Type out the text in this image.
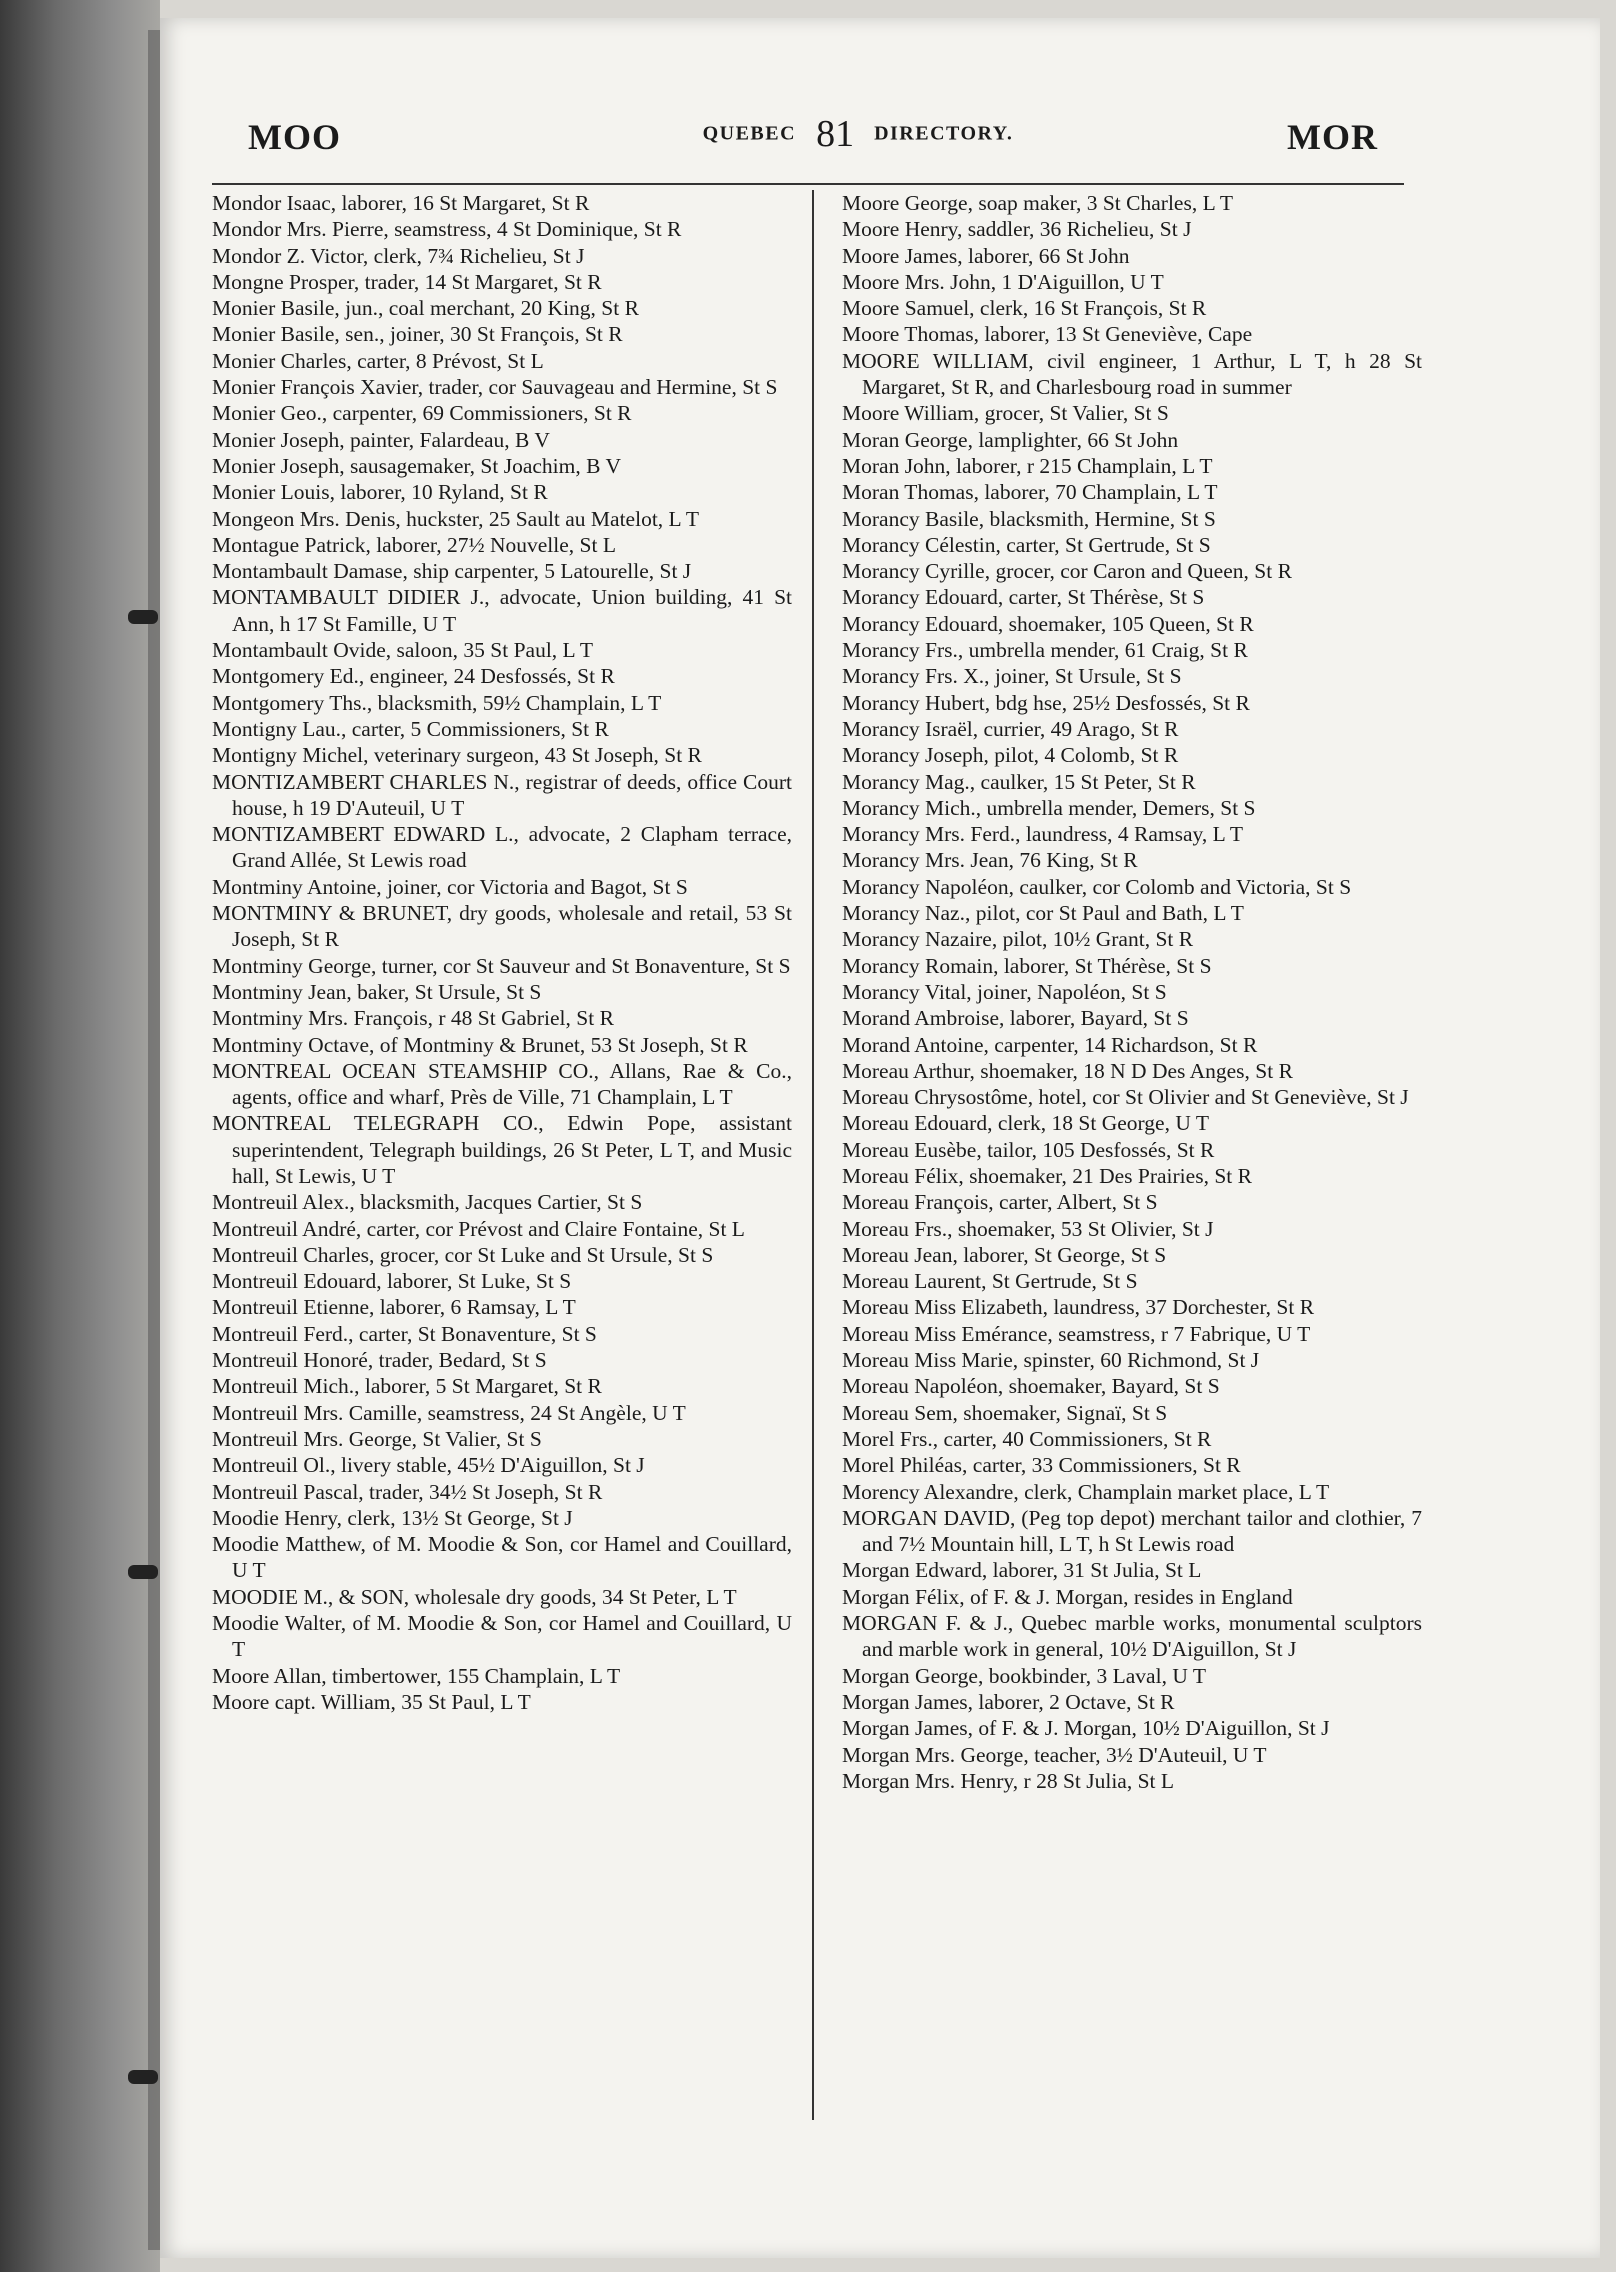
MOO	QUEBEC 81 DIRECTORY.	MOR

Mondor Isaac, laborer, 16 St Margaret, St R

Mondor Mrs. Pierre, seamstress, 4 St Dominique, St R

Mondor Z. Victor, clerk, 7¾ Richelieu, St J

Mongne Prosper, trader, 14 St Margaret, St R

Monier Basile, jun., coal merchant, 20 King, St R

Monier Basile, sen., joiner, 30 St François, St R

Monier Charles, carter, 8 Prévost, St L

Monier François Xavier, trader, cor Sauvageau and Hermine, St S

Monier Geo., carpenter, 69 Commissioners, St R

Monier Joseph, painter, Falardeau, B V

Monier Joseph, sausagemaker, St Joachim, B V

Monier Louis, laborer, 10 Ryland, St R

Mongeon Mrs. Denis, huckster, 25 Sault au Matelot, L T

Montague Patrick, laborer, 27½ Nouvelle, St L

Montambault Damase, ship carpenter, 5 Latourelle, St J

MONTAMBAULT DIDIER J., advocate, Union building, 41 St Ann, h 17 St Famille, U T

Montambault Ovide, saloon, 35 St Paul, L T

Montgomery Ed., engineer, 24 Desfossés, St R

Montgomery Ths., blacksmith, 59½ Champlain, L T

Montigny Lau., carter, 5 Commissioners, St R

Montigny Michel, veterinary surgeon, 43 St Joseph, St R

MONTIZAMBERT CHARLES N., registrar of deeds, office Court house, h 19 D'Auteuil, U T

MONTIZAMBERT EDWARD L., advocate, 2 Clapham terrace, Grand Allée, St Lewis road

Montminy Antoine, joiner, cor Victoria and Bagot, St S

MONTMINY & BRUNET, dry goods, wholesale and retail, 53 St Joseph, St R

Montminy George, turner, cor St Sauveur and St Bonaventure, St S

Montminy Jean, baker, St Ursule, St S

Montminy Mrs. François, r 48 St Gabriel, St R

Montminy Octave, of Montminy & Brunet, 53 St Joseph, St R

MONTREAL OCEAN STEAMSHIP CO., Allans, Rae & Co., agents, office and wharf, Près de Ville, 71 Champlain, L T

MONTREAL TELEGRAPH CO., Edwin Pope, assistant superintendent, Telegraph buildings, 26 St Peter, L T, and Music hall, St Lewis, U T

Montreuil Alex., blacksmith, Jacques Cartier, St S

Montreuil André, carter, cor Prévost and Claire Fontaine, St L

Montreuil Charles, grocer, cor St Luke and St Ursule, St S

Montreuil Edouard, laborer, St Luke, St S

Montreuil Etienne, laborer, 6 Ramsay, L T

Montreuil Ferd., carter, St Bonaventure, St S

Montreuil Honoré, trader, Bedard, St S

Montreuil Mich., laborer, 5 St Margaret, St R

Montreuil Mrs. Camille, seamstress, 24 St Angèle, U T

Montreuil Mrs. George, St Valier, St S

Montreuil Ol., livery stable, 45½ D'Aiguillon, St J

Montreuil Pascal, trader, 34½ St Joseph, St R

Moodie Henry, clerk, 13½ St George, St J

Moodie Matthew, of M. Moodie & Son, cor Hamel and Couillard, U T

MOODIE M., & SON, wholesale dry goods, 34 St Peter, L T

Moodie Walter, of M. Moodie & Son, cor Hamel and Couillard, U T

Moore Allan, timbertower, 155 Champlain, L T

Moore capt. William, 35 St Paul, L T

Moore George, soap maker, 3 St Charles, L T

Moore Henry, saddler, 36 Richelieu, St J

Moore James, laborer, 66 St John

Moore Mrs. John, 1 D'Aiguillon, U T

Moore Samuel, clerk, 16 St François, St R

Moore Thomas, laborer, 13 St Geneviève, Cape

MOORE WILLIAM, civil engineer, 1 Arthur, L T, h 28 St Margaret, St R, and Charlesbourg road in summer

Moore William, grocer, St Valier, St S

Moran George, lamplighter, 66 St John

Moran John, laborer, r 215 Champlain, L T

Moran Thomas, laborer, 70 Champlain, L T

Morancy Basile, blacksmith, Hermine, St S

Morancy Célestin, carter, St Gertrude, St S

Morancy Cyrille, grocer, cor Caron and Queen, St R

Morancy Edouard, carter, St Thérèse, St S

Morancy Edouard, shoemaker, 105 Queen, St R

Morancy Frs., umbrella mender, 61 Craig, St R

Morancy Frs. X., joiner, St Ursule, St S

Morancy Hubert, bdg hse, 25½ Desfossés, St R

Morancy Israël, currier, 49 Arago, St R

Morancy Joseph, pilot, 4 Colomb, St R

Morancy Mag., caulker, 15 St Peter, St R

Morancy Mich., umbrella mender, Demers, St S

Morancy Mrs. Ferd., laundress, 4 Ramsay, L T

Morancy Mrs. Jean, 76 King, St R

Morancy Napoléon, caulker, cor Colomb and Victoria, St S

Morancy Naz., pilot, cor St Paul and Bath, L T

Morancy Nazaire, pilot, 10½ Grant, St R

Morancy Romain, laborer, St Thérèse, St S

Morancy Vital, joiner, Napoléon, St S

Morand Ambroise, laborer, Bayard, St S

Morand Antoine, carpenter, 14 Richardson, St R

Moreau Arthur, shoemaker, 18 N D Des Anges, St R

Moreau Chrysostôme, hotel, cor St Olivier and St Geneviève, St J

Moreau Edouard, clerk, 18 St George, U T

Moreau Eusèbe, tailor, 105 Desfossés, St R

Moreau Félix, shoemaker, 21 Des Prairies, St R

Moreau François, carter, Albert, St S

Moreau Frs., shoemaker, 53 St Olivier, St J

Moreau Jean, laborer, St George, St S

Moreau Laurent, St Gertrude, St S

Moreau Miss Elizabeth, laundress, 37 Dorchester, St R

Moreau Miss Emérance, seamstress, r 7 Fabrique, U T

Moreau Miss Marie, spinster, 60 Richmond, St J

Moreau Napoléon, shoemaker, Bayard, St S

Moreau Sem, shoemaker, Signaï, St S

Morel Frs., carter, 40 Commissioners, St R

Morel Philéas, carter, 33 Commissioners, St R

Morency Alexandre, clerk, Champlain market place, L T

MORGAN DAVID, (Peg top depot) merchant tailor and clothier, 7 and 7½ Mountain hill, L T, h St Lewis road

Morgan Edward, laborer, 31 St Julia, St L

Morgan Félix, of F. & J. Morgan, resides in England

MORGAN F. & J., Quebec marble works, monumental sculptors and marble work in general, 10½ D'Aiguillon, St J

Morgan George, bookbinder, 3 Laval, U T

Morgan James, laborer, 2 Octave, St R

Morgan James, of F. & J. Morgan, 10½ D'Aiguillon, St J

Morgan Mrs. George, teacher, 3½ D'Auteuil, U T

Morgan Mrs. Henry, r 28 St Julia, St L
